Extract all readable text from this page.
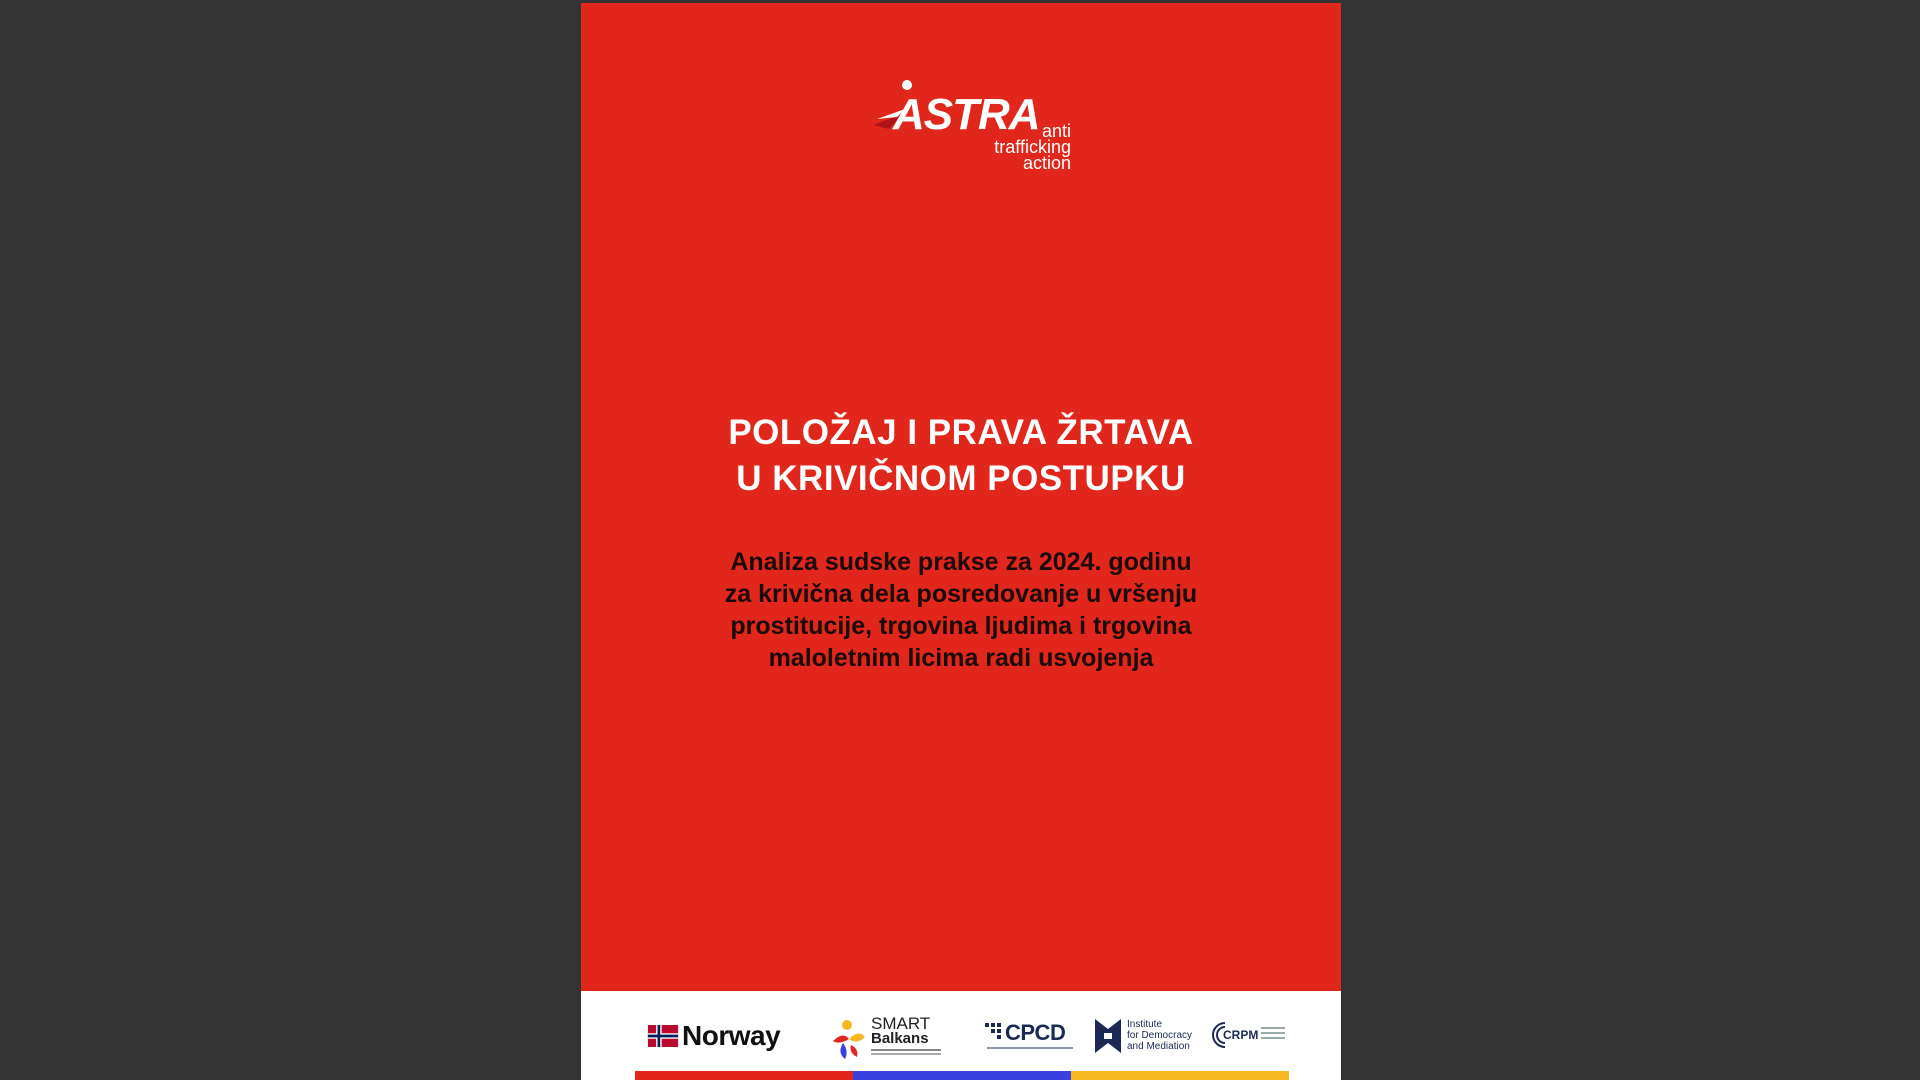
ASTRA anti
trafficking
action
POLOŽAJ I PRAVA ŽRTAVA
U KRIVIČNOM POSTUPKU
Analiza sudske prakse za 2024. godinu
za krivična dela posredovanje u vršenju
prostitucije, trgovina ljudima i trgovina
maloletnim licima radi usvojenja
Norway	SMART
Balkans	CPCD	Institute
for Democracy
and Mediation
CRPM
